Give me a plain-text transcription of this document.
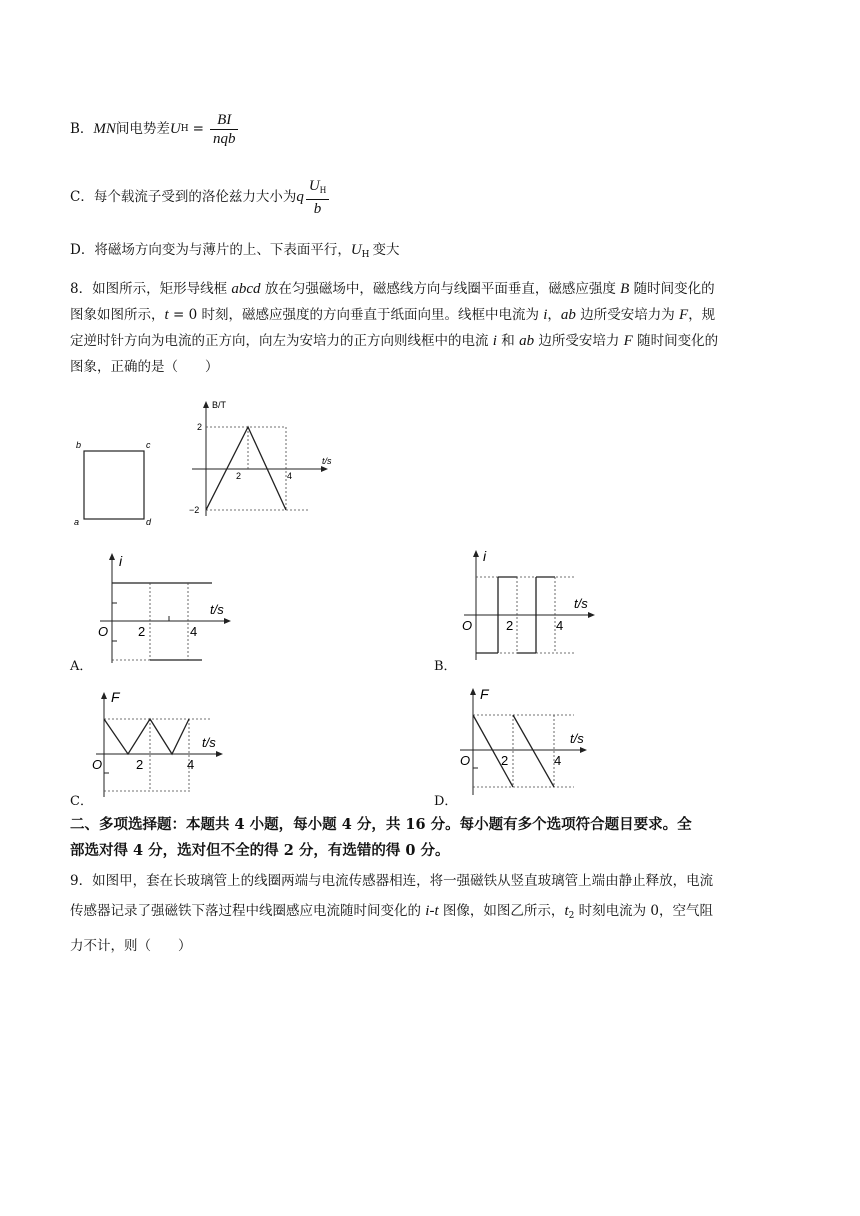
B． MN 间电势差 U $H = \frac{BI}{\text{nqb}}$
C． 每个载流子受到的洛伦兹力大小为 q $\frac{U_H}{b}$
D．将磁场方向变为与薄片的上、下表面平行，$U_H$ 变大
8．如图所示，矩形导线框 abcd 放在匀强磁场中，磁感线方向与线圈平面垂直，磁感应强度 B 随时间变化的
图象如图所示，t = 0 时刻，磁感应强度的方向垂直于纸面向里。线框中电流为 i，ab 边所受安培力为 F，规
定逆时针方向为电流的正方向，向左为安培力的正方向则线框中的电流 i 和 ab 边所受安培力 F 随时间变化的
图象，正确的是（　　）
b	c
a	d
B/T
t/s
2
−2
2	4
A．
i
t/s
O 2	4
B．
i
t/s
O	2	4
C．
F
t/s
O	2	4
D．
F
t/s
O 2	4
二、多项选择题：本题共 4 小题，每小题 4 分，共 16 分。每小题有多个选项符合题目要求。全
部选对得 4 分，选对但不全的得 2 分，有选错的得 0 分。
9．如图甲，套在长玻璃管上的线圈两端与电流传感器相连，将一强磁铁从竖直玻璃管上端由静止释放，电流
传感器记录了强磁铁下落过程中线圈感应电流随时间变化的 i-t 图像，如图乙所示，$t_2$ 时刻电流为 0，空气阻
力不计，则（　　）
